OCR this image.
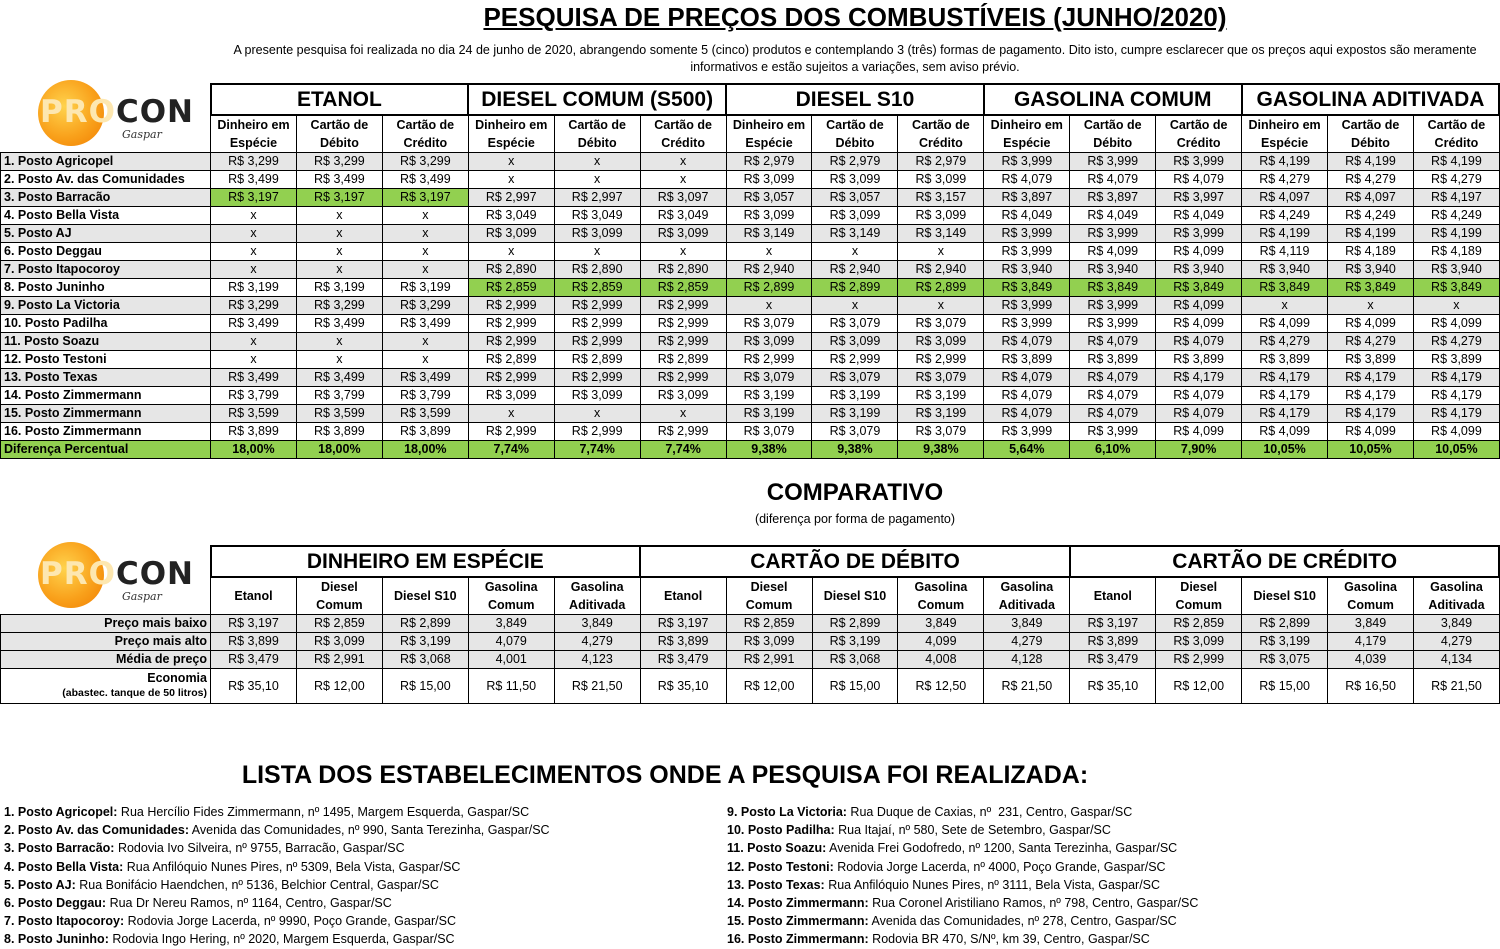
PESQUISA DE PREÇOS DOS COMBUSTÍVEIS (JUNHO/2020)
A presente pesquisa foi realizada no dia 24 de junho de 2020, abrangendo somente 5 (cinco) produtos e contemplando 3 (três) formas de pagamento. Dito isto, cumpre esclarecer que os preços aqui expostos são meramente informativos e estão sujeitos a variações, sem aviso prévio.
PROCON
Gaspar
	ETANOL			DIESEL COMUM (S500)			DIESEL S10			GASOLINA COMUM			GASOLINA ADITIVADA		
	Dinheiro em Espécie	Cartão de Débito	Cartão de Crédito	Dinheiro em Espécie	Cartão de Débito	Cartão de Crédito	Dinheiro em Espécie	Cartão de Débito	Cartão de Crédito	Dinheiro em Espécie	Cartão de Débito	Cartão de Crédito	Dinheiro em Espécie	Cartão de Débito	Cartão de Crédito
1. Posto Agricopel	R$ 3,299	R$ 3,299	R$ 3,299	x	x	x	R$ 2,979	R$ 2,979	R$ 2,979	R$ 3,999	R$ 3,999	R$ 3,999	R$ 4,199	R$ 4,199	R$ 4,199
2. Posto Av. das Comunidades	R$ 3,499	R$ 3,499	R$ 3,499	x	x	x	R$ 3,099	R$ 3,099	R$ 3,099	R$ 4,079	R$ 4,079	R$ 4,079	R$ 4,279	R$ 4,279	R$ 4,279
3. Posto Barracão	R$ 3,197	R$ 3,197	R$ 3,197	R$ 2,997	R$ 2,997	R$ 3,097	R$ 3,057	R$ 3,057	R$ 3,157	R$ 3,897	R$ 3,897	R$ 3,997	R$ 4,097	R$ 4,097	R$ 4,197
4. Posto Bella Vista	x	x	x	R$ 3,049	R$ 3,049	R$ 3,049	R$ 3,099	R$ 3,099	R$ 3,099	R$ 4,049	R$ 4,049	R$ 4,049	R$ 4,249	R$ 4,249	R$ 4,249
5. Posto AJ	x	x	x	R$ 3,099	R$ 3,099	R$ 3,099	R$ 3,149	R$ 3,149	R$ 3,149	R$ 3,999	R$ 3,999	R$ 3,999	R$ 4,199	R$ 4,199	R$ 4,199
6. Posto Deggau	x	x	x	x	x	x	x	x	x	R$ 3,999	R$ 4,099	R$ 4,099	R$ 4,119	R$ 4,189	R$ 4,189
7. Posto Itapocoroy	x	x	x	R$ 2,890	R$ 2,890	R$ 2,890	R$ 2,940	R$ 2,940	R$ 2,940	R$ 3,940	R$ 3,940	R$ 3,940	R$ 3,940	R$ 3,940	R$ 3,940
8. Posto Juninho	R$ 3,199	R$ 3,199	R$ 3,199	R$ 2,859	R$ 2,859	R$ 2,859	R$ 2,899	R$ 2,899	R$ 2,899	R$ 3,849	R$ 3,849	R$ 3,849	R$ 3,849	R$ 3,849	R$ 3,849
9. Posto La Victoria	R$ 3,299	R$ 3,299	R$ 3,299	R$ 2,999	R$ 2,999	R$ 2,999	x	x	x	R$ 3,999	R$ 3,999	R$ 4,099	x	x	x
10. Posto Padilha	R$ 3,499	R$ 3,499	R$ 3,499	R$ 2,999	R$ 2,999	R$ 2,999	R$ 3,079	R$ 3,079	R$ 3,079	R$ 3,999	R$ 3,999	R$ 4,099	R$ 4,099	R$ 4,099	R$ 4,099
11. Posto Soazu	x	x	x	R$ 2,999	R$ 2,999	R$ 2,999	R$ 3,099	R$ 3,099	R$ 3,099	R$ 4,079	R$ 4,079	R$ 4,079	R$ 4,279	R$ 4,279	R$ 4,279
12. Posto Testoni	x	x	x	R$ 2,899	R$ 2,899	R$ 2,899	R$ 2,999	R$ 2,999	R$ 2,999	R$ 3,899	R$ 3,899	R$ 3,899	R$ 3,899	R$ 3,899	R$ 3,899
13. Posto Texas	R$ 3,499	R$ 3,499	R$ 3,499	R$ 2,999	R$ 2,999	R$ 2,999	R$ 3,079	R$ 3,079	R$ 3,079	R$ 4,079	R$ 4,079	R$ 4,179	R$ 4,179	R$ 4,179	R$ 4,179
14. Posto Zimmermann	R$ 3,799	R$ 3,799	R$ 3,799	R$ 3,099	R$ 3,099	R$ 3,099	R$ 3,199	R$ 3,199	R$ 3,199	R$ 4,079	R$ 4,079	R$ 4,079	R$ 4,179	R$ 4,179	R$ 4,179
15. Posto Zimmermann	R$ 3,599	R$ 3,599	R$ 3,599	x	x	x	R$ 3,199	R$ 3,199	R$ 3,199	R$ 4,079	R$ 4,079	R$ 4,079	R$ 4,179	R$ 4,179	R$ 4,179
16. Posto Zimmermann	R$ 3,899	R$ 3,899	R$ 3,899	R$ 2,999	R$ 2,999	R$ 2,999	R$ 3,079	R$ 3,079	R$ 3,079	R$ 3,999	R$ 3,999	R$ 4,099	R$ 4,099	R$ 4,099	R$ 4,099
Diferença Percentual	18,00%	18,00%	18,00%	7,74%	7,74%	7,74%	9,38%	9,38%	9,38%	5,64%	6,10%	7,90%	10,05%	10,05%	10,05%
COMPARATIVO
(diferença por forma de pagamento)
PROCON
Gaspar
	DINHEIRO EM ESPÉCIE					CARTÃO DE DÉBITO					CARTÃO DE CRÉDITO				
	Etanol	Diesel Comum	Diesel S10	Gasolina Comum	Gasolina Aditivada	Etanol	Diesel Comum	Diesel S10	Gasolina Comum	Gasolina Aditivada	Etanol	Diesel Comum	Diesel S10	Gasolina Comum	Gasolina Aditivada
Preço mais baixo	R$ 3,197	R$ 2,859	R$ 2,899	3,849	3,849	R$ 3,197	R$ 2,859	R$ 2,899	3,849	3,849	R$ 3,197	R$ 2,859	R$ 2,899	3,849	3,849
Preço mais alto	R$ 3,899	R$ 3,099	R$ 3,199	4,079	4,279	R$ 3,899	R$ 3,099	R$ 3,199	4,099	4,279	R$ 3,899	R$ 3,099	R$ 3,199	4,179	4,279
Média de preço	R$ 3,479	R$ 2,991	R$ 3,068	4,001	4,123	R$ 3,479	R$ 2,991	R$ 3,068	4,008	4,128	R$ 3,479	R$ 2,999	R$ 3,075	4,039	4,134

Economia
(abastec. tanque de 50 litros)	R$ 35,10	R$ 12,00	R$ 15,00	R$ 11,50	R$ 21,50	R$ 35,10	R$ 12,00	R$ 15,00	R$ 12,50	R$ 21,50	R$ 35,10	R$ 12,00	R$ 15,00	R$ 16,50	R$ 21,50
LISTA DOS ESTABELECIMENTOS ONDE A PESQUISA FOI REALIZADA:
1. Posto Agricopel: Rua Hercílio Fides Zimmermann, nº 1495, Margem Esquerda, Gaspar/SC
2. Posto Av. das Comunidades: Avenida das Comunidades, nº 990, Santa Terezinha, Gaspar/SC
3. Posto Barracão: Rodovia Ivo Silveira, nº 9755, Barracão, Gaspar/SC
4. Posto Bella Vista: Rua Anfilóquio Nunes Pires, nº 5309, Bela Vista, Gaspar/SC
5. Posto AJ: Rua Bonifácio Haendchen, nº 5136, Belchior Central, Gaspar/SC
6. Posto Deggau: Rua Dr Nereu Ramos, nº 1164, Centro, Gaspar/SC
7. Posto Itapocoroy: Rodovia Jorge Lacerda, nº 9990, Poço Grande, Gaspar/SC
8. Posto Juninho: Rodovia Ingo Hering, nº 2020, Margem Esquerda, Gaspar/SC
9. Posto La Victoria: Rua Duque de Caxias, nº  231, Centro, Gaspar/SC
10. Posto Padilha: Rua Itajaí, nº 580, Sete de Setembro, Gaspar/SC
11. Posto Soazu: Avenida Frei Godofredo, nº 1200, Santa Terezinha, Gaspar/SC
12. Posto Testoni: Rodovia Jorge Lacerda, nº 4000, Poço Grande, Gaspar/SC
13. Posto Texas: Rua Anfilóquio Nunes Pires, nº 3111, Bela Vista, Gaspar/SC
14. Posto Zimmermann: Rua Coronel Aristiliano Ramos, nº 798, Centro, Gaspar/SC
15. Posto Zimmermann: Avenida das Comunidades, nº 278, Centro, Gaspar/SC
16. Posto Zimmermann: Rodovia BR 470, S/Nº, km 39, Centro, Gaspar/SC
